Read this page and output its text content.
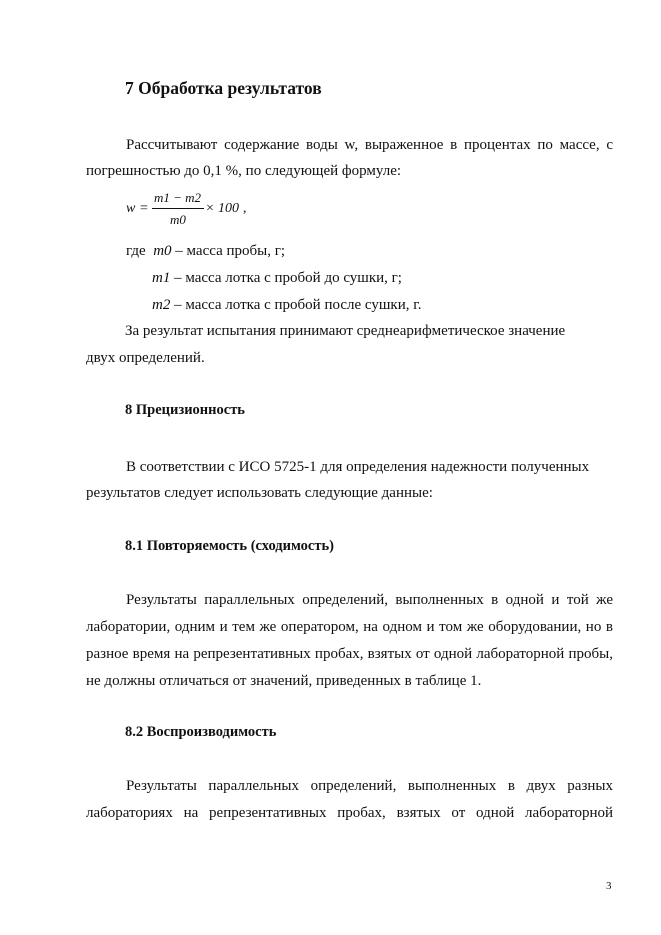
7 Обработка результатов
Рассчитывают содержание воды w, выраженное в процентах по массе, с
погрешностью до 0,1 %, по следующей формуле:
w =
m1 − m2
m0
× 100 ,
где m0 – масса пробы, г;
m1 – масса лотка с пробой до сушки, г;
m2 – масса лотка с пробой после сушки, г.
За результат испытания принимают среднеарифметическое значение
двух определений.
8 Прецизионность
В соответствии с ИСО 5725-1 для определения надежности полученных
результатов следует использовать следующие данные:
8.1 Повторяемость (сходимость)
Результаты параллельных определений, выполненных в одной и той же
лаборатории, одним и тем же оператором, на одном и том же оборудовании, но в
разное время на репрезентативных пробах, взятых от одной лабораторной пробы,
не должны отличаться от значений, приведенных в таблице 1.
8.2 Воспроизводимость
Результаты параллельных определений, выполненных в двух разных
лабораториях на репрезентативных пробах, взятых от одной лабораторной
3
